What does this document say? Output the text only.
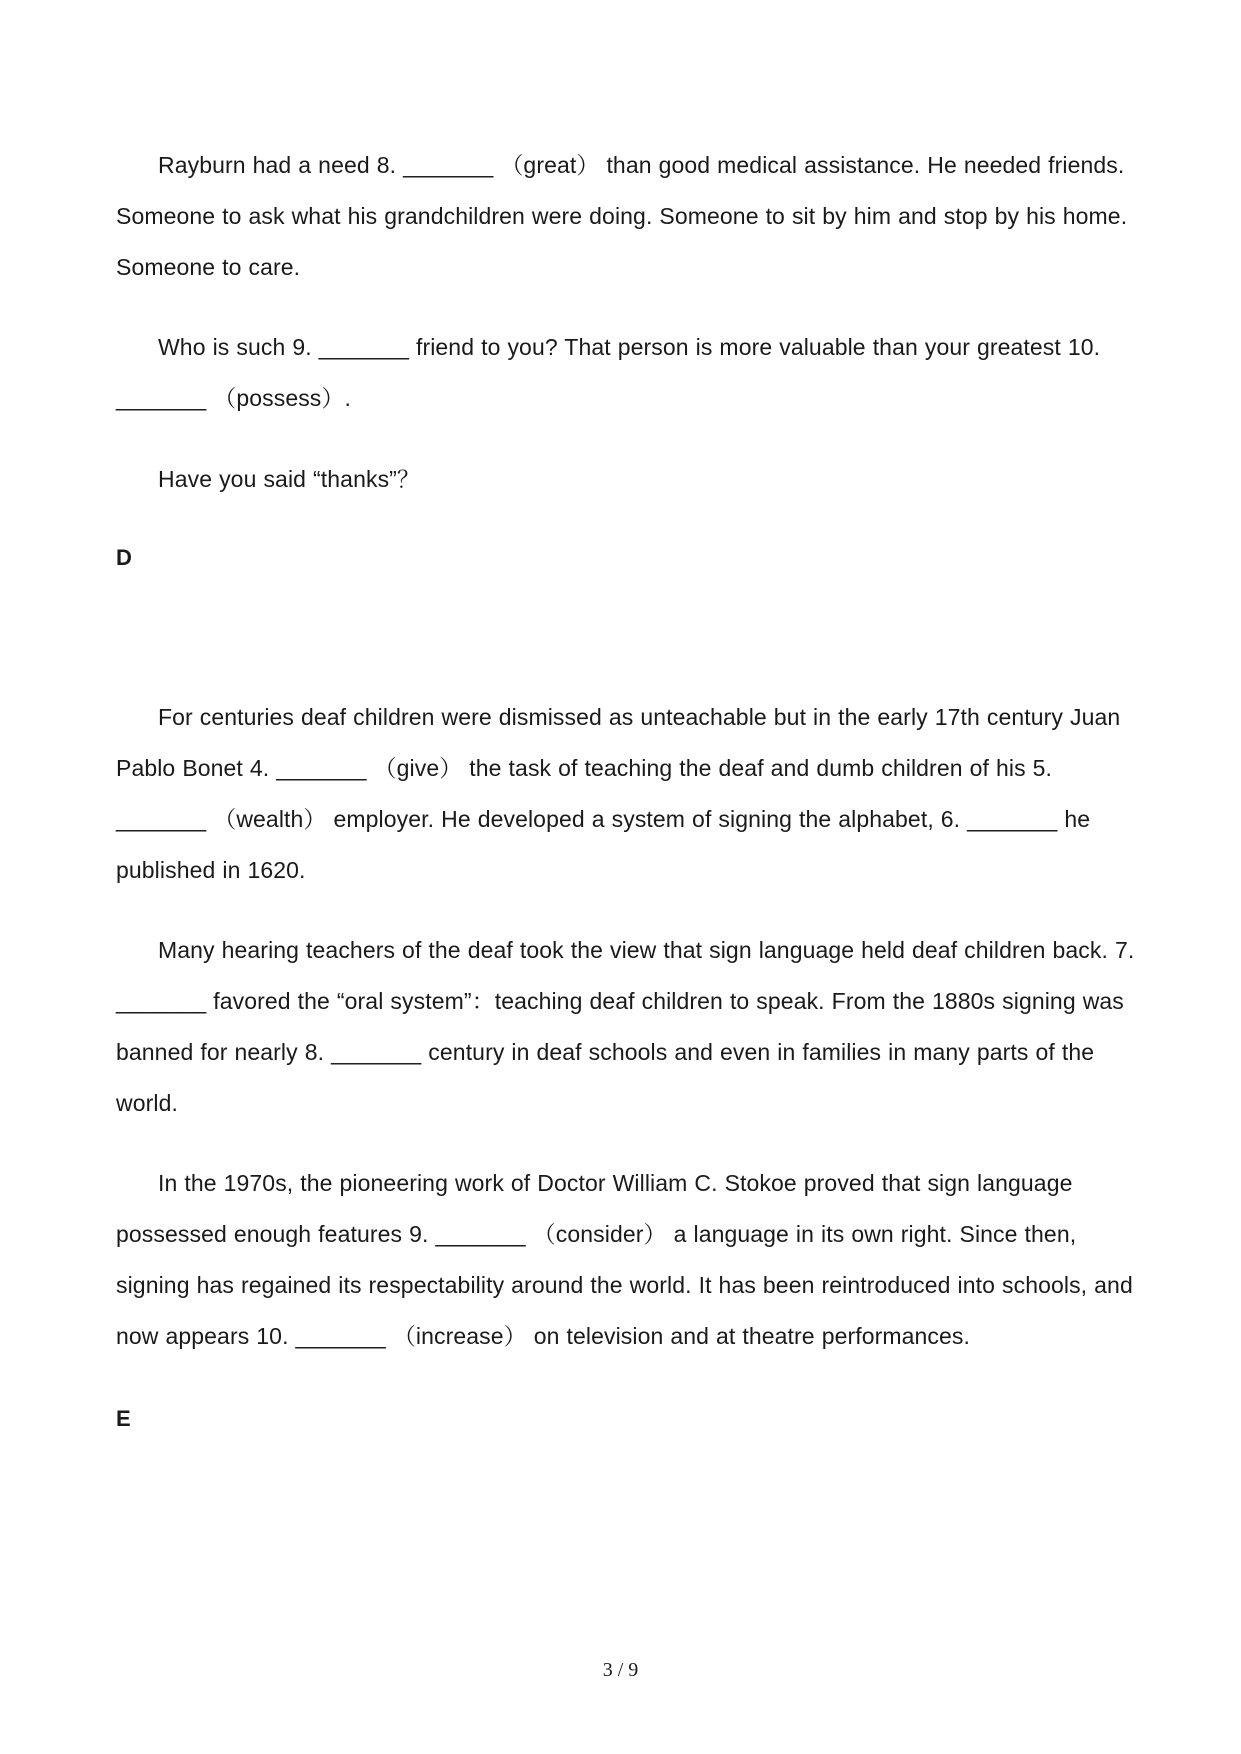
Rayburn had a need 8. _______ （great） than good medical assistance. He needed friends. Someone to ask what his grandchildren were doing. Someone to sit by him and stop by his home. Someone to care.

Who is such 9. _______ friend to you? That person is more valuable than your greatest 10. _______ （possess）.

Have you said “thanks”？

D

For centuries deaf children were dismissed as unteachable but in the early 17th century Juan Pablo Bonet 4. _______ （give） the task of teaching the deaf and dumb children of his 5. _______ （wealth） employer. He developed a system of signing the alphabet, 6. _______ he published in 1620.

Many hearing teachers of the deaf took the view that sign language held deaf children back. 7. _______ favored the “oral system”：teaching deaf children to speak. From the 1880s signing was banned for nearly 8. _______ century in deaf schools and even in families in many parts of the world.

In the 1970s, the pioneering work of Doctor William C. Stokoe proved that sign language possessed enough features 9. _______ （consider） a language in its own right. Since then, signing has regained its respectability around the world. It has been reintroduced into schools, and now appears 10. _______ （increase） on television and at theatre performances.

E
3 / 9
